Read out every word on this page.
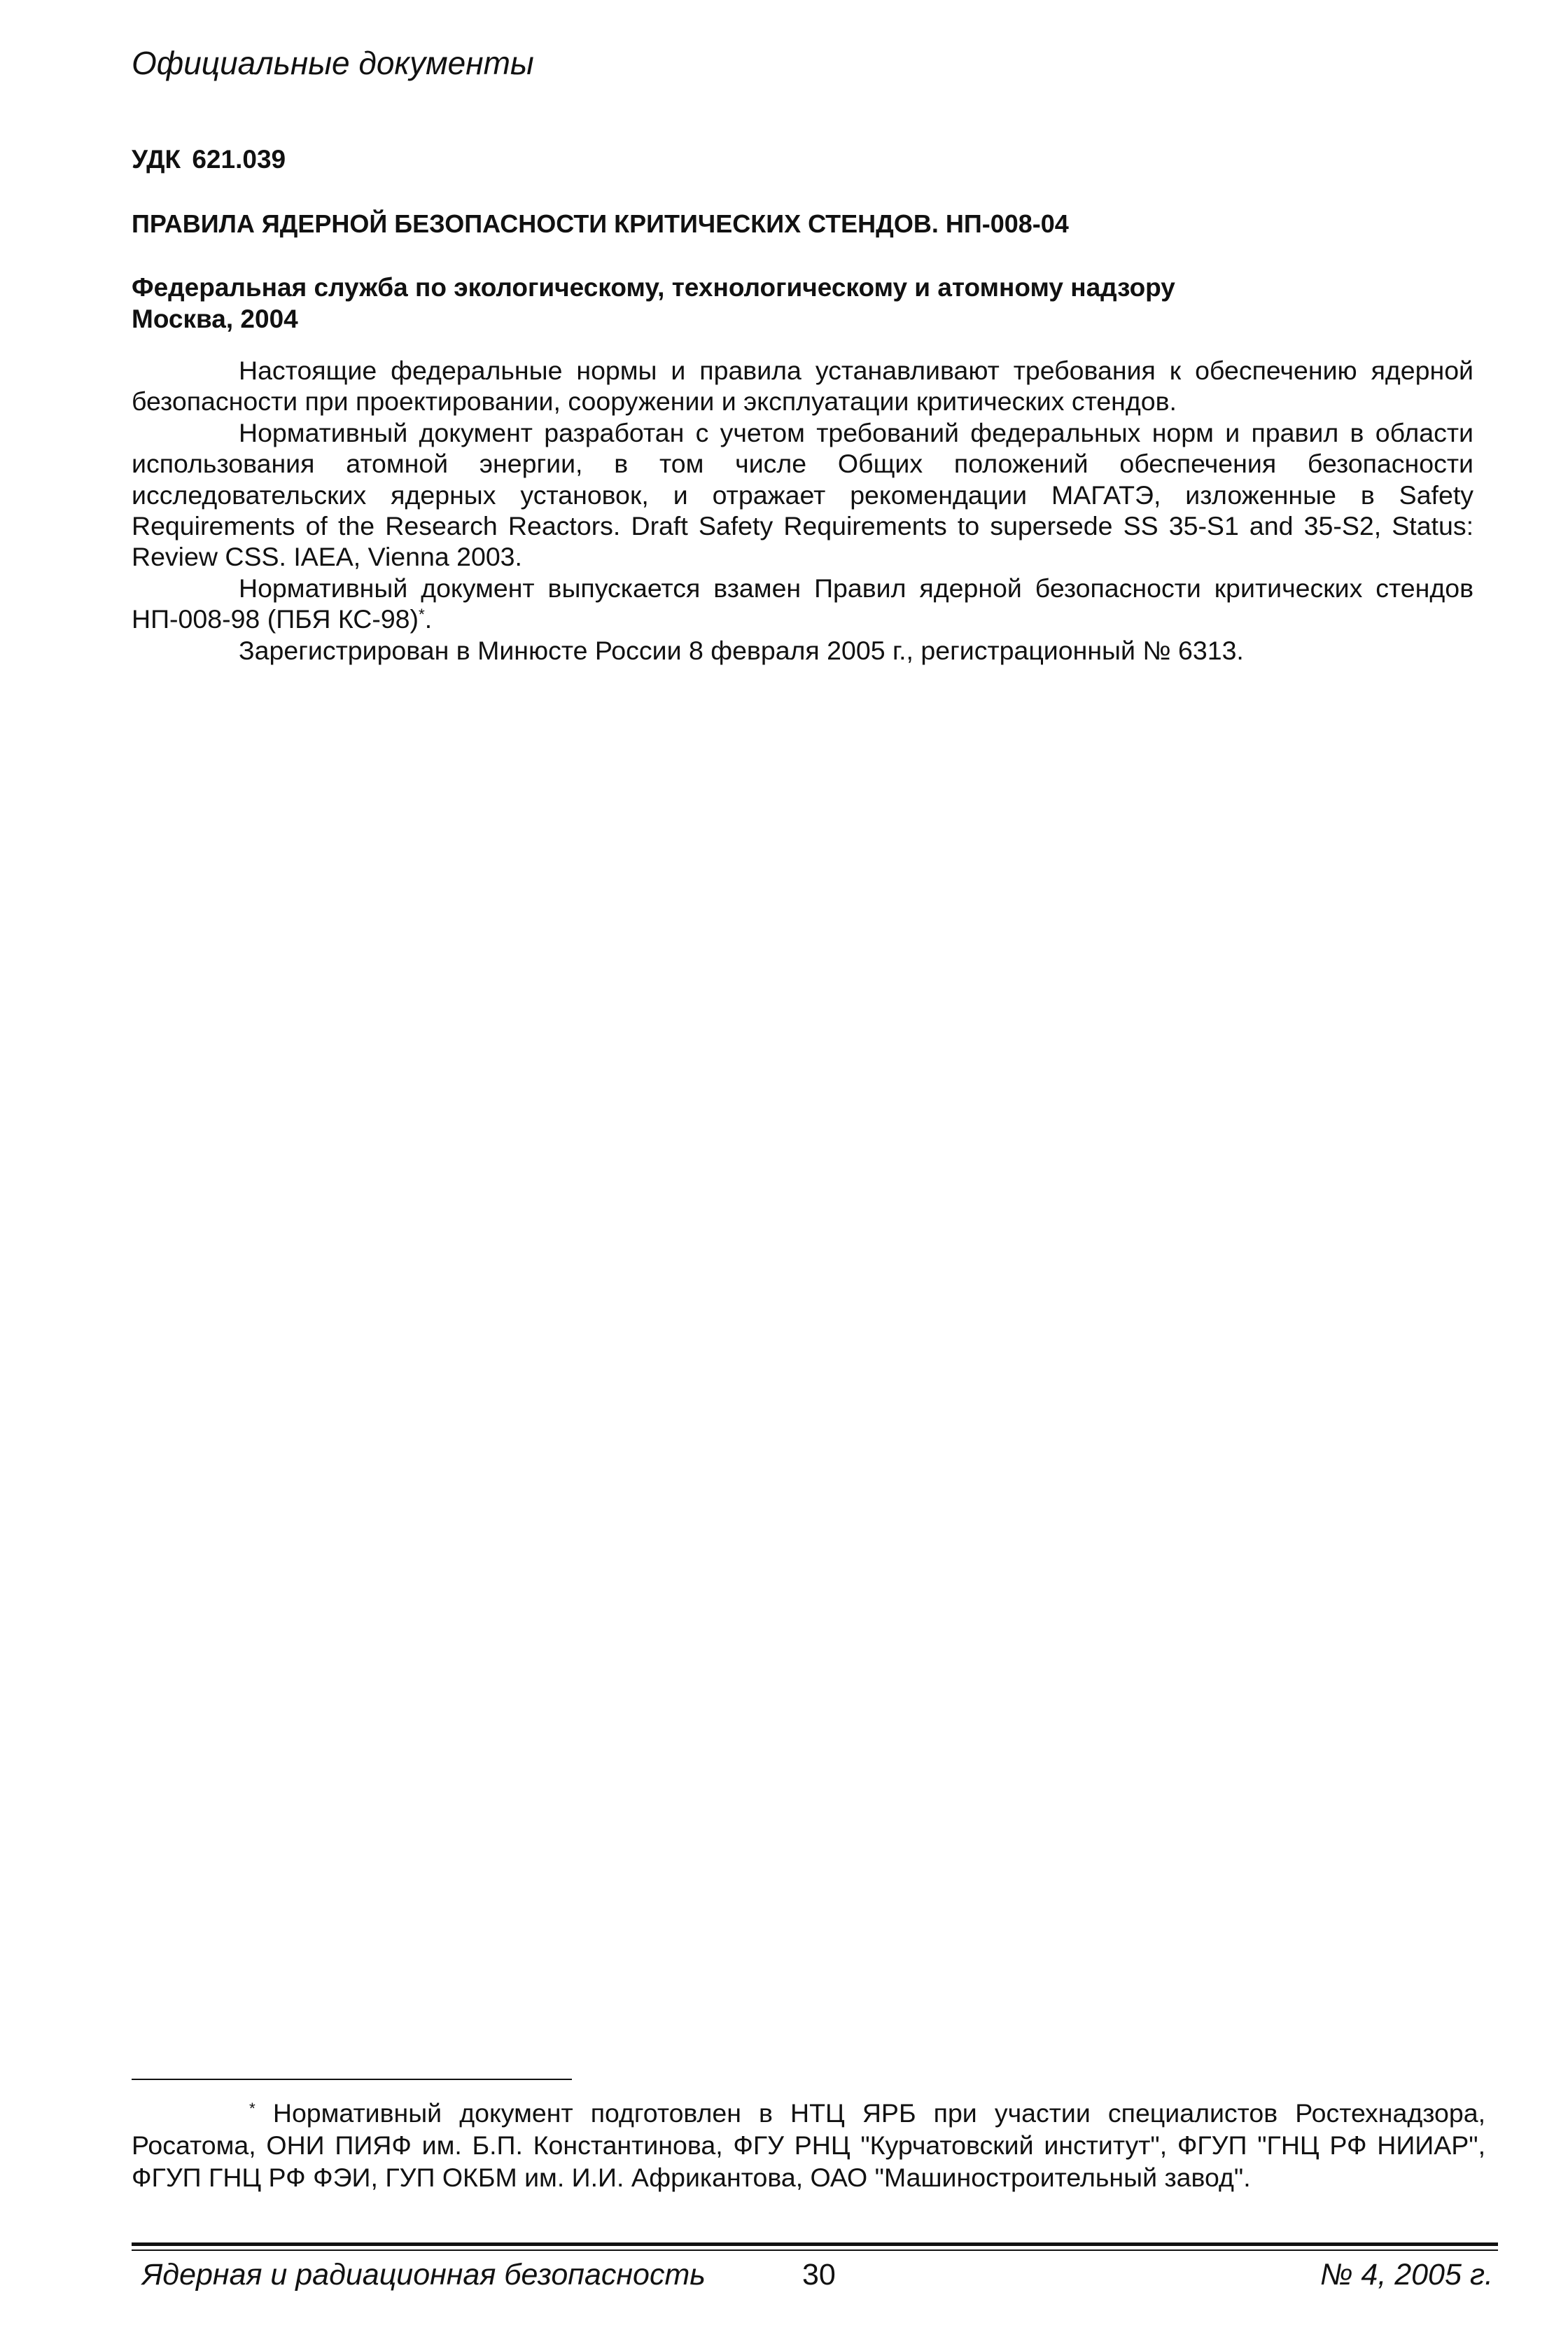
Официальные документы
УДК 621.039
ПРАВИЛА ЯДЕРНОЙ БЕЗОПАСНОСТИ КРИТИЧЕСКИХ СТЕНДОВ. НП-008-04
Федеральная служба по экологическому, технологическому и атомному надзору
Москва, 2004
Настоящие федеральные нормы и правила устанавливают требования к обеспечению ядерной
безопасности при проектировании, сооружении и эксплуатации критических стендов.
Нормативный документ разработан с учетом требований федеральных норм и правил в области
использования атомной энергии, в том числе Общих положений обеспечения безопасности
исследовательских ядерных установок, и отражает рекомендации МАГАТЭ, изложенные в Safety
Requirements of the Research Reactors. Draft Safety Requirements to supersede SS 35-S1 and 35-S2, Status:
Review CSS. IAEA, Vienna 2003.
Нормативный документ выпускается взамен Правил ядерной безопасности критических стендов
НП-008-98 (ПБЯ КС-98)*.
Зарегистрирован в Минюсте России 8 февраля 2005 г., регистрационный № 6313.
* Нормативный документ подготовлен в НТЦ ЯРБ при участии специалистов Ростехнадзора,
Росатома, ОНИ ПИЯФ им. Б.П. Константинова, ФГУ РНЦ "Курчатовский институт", ФГУП "ГНЦ РФ НИИАР",
ФГУП ГНЦ РФ ФЭИ, ГУП ОКБМ им. И.И. Африкантова, ОАО "Машиностроительный завод".
Ядерная и радиационная безопасность	30	№ 4, 2005 г.
